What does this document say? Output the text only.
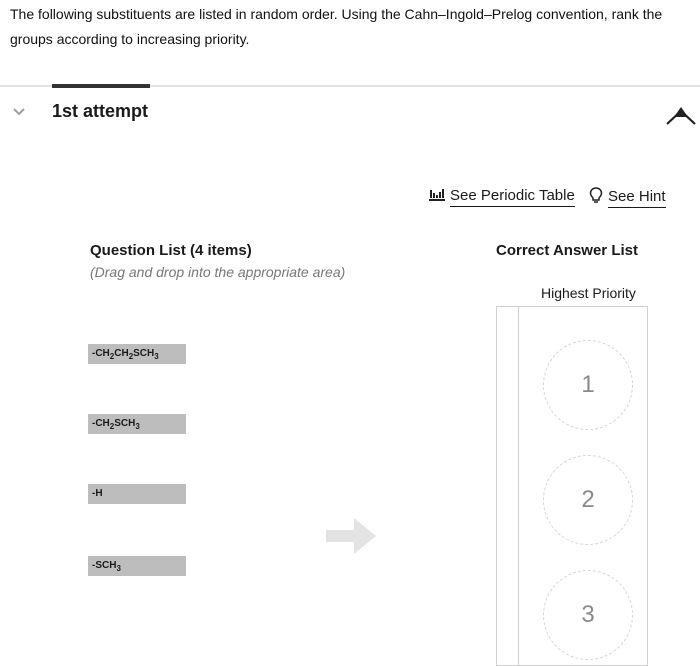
The following substituents are listed in random order. Using the Cahn–Ingold–Prelog convention, rank the groups according to increasing priority.
1st attempt
See Periodic Table See Hint
Question List (4 items)
(Drag and drop into the appropriate area)
$-CH_2CH_2SCH_3$
$-CH_2SCH_3$
-H
$-SCH_3$
Correct Answer List
Highest Priority
1
2
3
